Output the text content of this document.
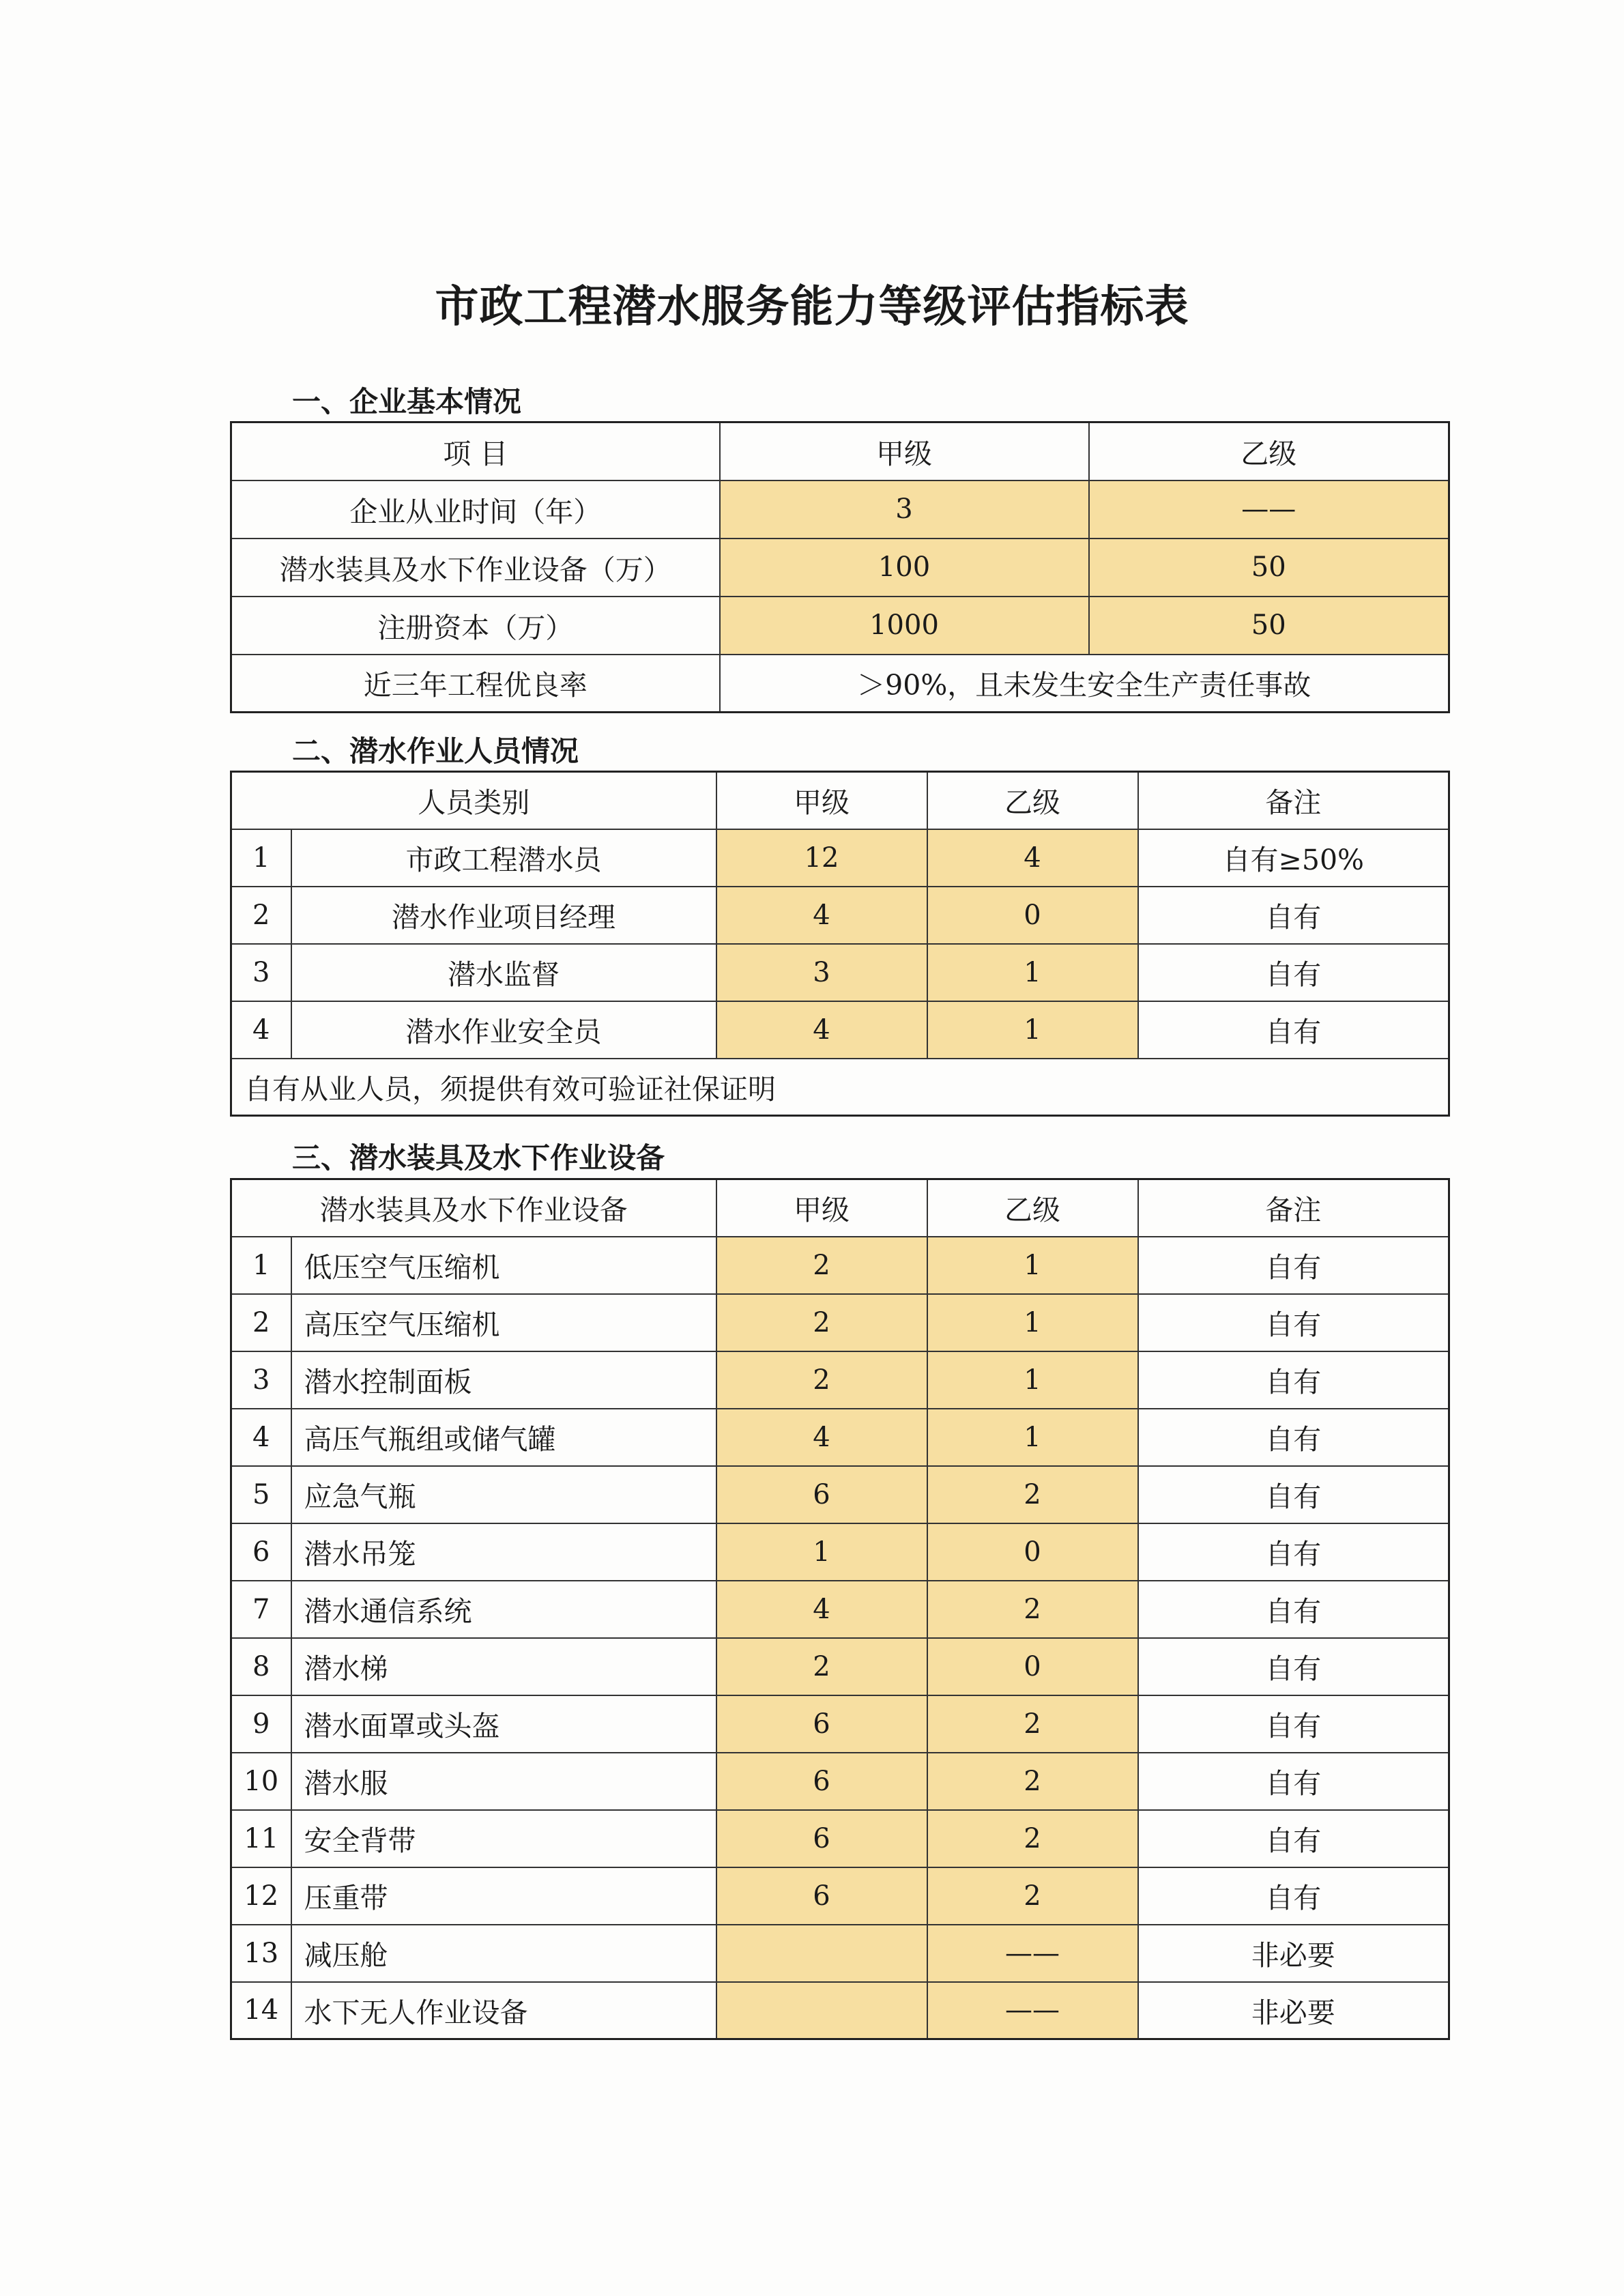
市政工程潜水服务能力等级评估指标表
一、企业基本情况
项 目	甲级	乙级
企业从业时间（年）	3	——
潜水装具及水下作业设备（万）	100	50
注册资本（万）	1000	50
近三年工程优良率	＞90%，且未发生安全生产责任事故	
二、潜水作业人员情况
人员类别		甲级	乙级	备注
1	市政工程潜水员	12	4	自有≥50%
2	潜水作业项目经理	4	0	自有
3	潜水监督	3	1	自有
4	潜水作业安全员	4	1	自有
自有从业人员，须提供有效可验证社保证明				
三、潜水装具及水下作业设备
潜水装具及水下作业设备		甲级	乙级	备注
1	低压空气压缩机	2	1	自有
2	高压空气压缩机	2	1	自有
3	潜水控制面板	2	1	自有
4	高压气瓶组或储气罐	4	1	自有
5	应急气瓶	6	2	自有
6	潜水吊笼	1	0	自有
7	潜水通信系统	4	2	自有
8	潜水梯	2	0	自有
9	潜水面罩或头盔	6	2	自有
10	潜水服	6	2	自有
11	安全背带	6	2	自有
12	压重带	6	2	自有
13	减压舱		——	非必要
14	水下无人作业设备		——	非必要
